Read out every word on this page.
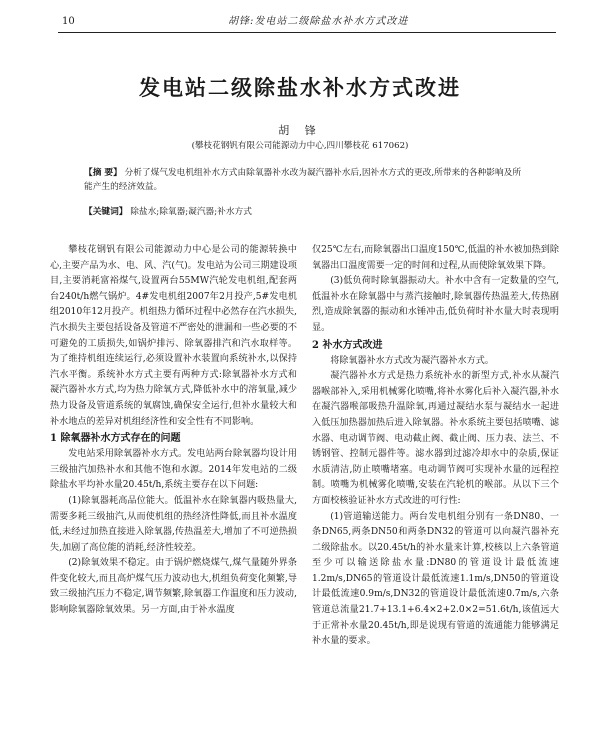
10	胡锋:发电站二级除盐水补水方式改进
发电站二级除盐水补水方式改进
胡 锋
(攀枝花钢钒有限公司能源动力中心,四川攀枝花 617062)
【摘 要】 分析了煤气发电机组补水方式由除氧器补水改为凝汽器补水后,因补水方式的更改,所带来的各种影响及所能产生的经济效益。
【关键词】 除盐水;除氧器;凝汽器;补水方式

攀枝花钢钒有限公司能源动力中心是公司的能源转换中心,主要产品为水、电、风、汽(气)。发电站为公司三期建设项目,主要消耗富裕煤气,设置两台55MW汽轮发电机组,配套两台240t/h燃气锅炉。4#发电机组2007年2月投产,5#发电机组2010年12月投产。机组热力循环过程中必然存在汽水损失,汽水损失主要包括设备及管道不严密处的泄漏和一些必要的不可避免的工质损失,如锅炉排污、除氧器排汽和汽水取样等。为了维持机组连续运行,必须设置补水装置向系统补水,以保持汽水平衡。系统补水方式主要有两种方式:除氧器补水方式和凝汽器补水方式,均为热力除氧方式,降低补水中的溶氧量,减少热力设备及管道系统的氧腐蚀,确保安全运行,但补水量较大和补水地点的差异对机组经济性和安全性有不同影响。

1 除氧器补水方式存在的问题

发电站采用除氧器补水方式。发电站两台除氧器均设计用三级抽汽加热补水和其他不饱和水源。2014年发电站的二级除盐水平均补水量20.45t/h,系统主要存在以下问题:

(1)除氧器耗高品位能大。低温补水在除氧器内吸热量大,需要多耗三级抽汽,从而使机组的热经济性降低,而且补水温度低,未经过加热直接进入除氧器,传热温差大,增加了不可逆热损失,加剧了高位能的消耗,经济性较差。

(2)除氧效果不稳定。由于锅炉燃烧煤气,煤气量随外界条件变化较大,而且高炉煤气压力波动也大,机组负荷变化频繁,导致三级抽汽压力不稳定,调节频繁,除氧器工作温度和压力波动,影响除氧器除氧效果。另一方面,由于补水温度

仅25℃左右,而除氧器出口温度150℃,低温的补水被加热到除氧器出口温度需要一定的时间和过程,从而使除氧效果下降。

(3)低负荷时除氧器振动大。补水中含有一定数量的空气,低温补水在除氧器中与蒸汽接触时,除氧器传热温差大,传热剧烈,造成除氧器的振动和水锤冲击,低负荷时补水量大时表现明显。

2 补水方式改进

将除氧器补水方式改为凝汽器补水方式。

凝汽器补水方式是热力系统补水的新型方式,补水从凝汽器喉部补入,采用机械雾化喷嘴,将补水雾化后补入凝汽器,补水在凝汽器喉部吸热升温除氧,再通过凝结水泵与凝结水一起进入低压加热器加热后进入除氧器。补水系统主要包括喷嘴、滤水器、电动调节阀、电动截止阀、截止阀、压力表、法兰、不锈钢管、控制元器件等。滤水器到过滤冷却水中的杂质,保证水质清洁,防止喷嘴堵塞。电动调节阀可实现补水量的远程控制。喷嘴为机械雾化喷嘴,安装在汽轮机的喉部。从以下三个方面校核验证补水方式改进的可行性:

(1)管道输送能力。两台发电机组分别有一条DN80、一条DN65,两条DN50和两条DN32的管道可以向凝汽器补充二级除盐水。以20.45t/h的补水量来计算,校核以上六条管道至少可以输送除盐水量:DN80的管道设计最低流速1.2m/s,DN65的管道设计最低流速1.1m/s,DN50的管道设计最低流速0.9m/s,DN32的管道设计最低流速0.7m/s,六条管道总流量21.7+13.1+6.4×2+2.0×2=51.6t/h,该值远大于正常补水量20.45t/h,即是说现有管道的流通能力能够满足补水量的要求。
